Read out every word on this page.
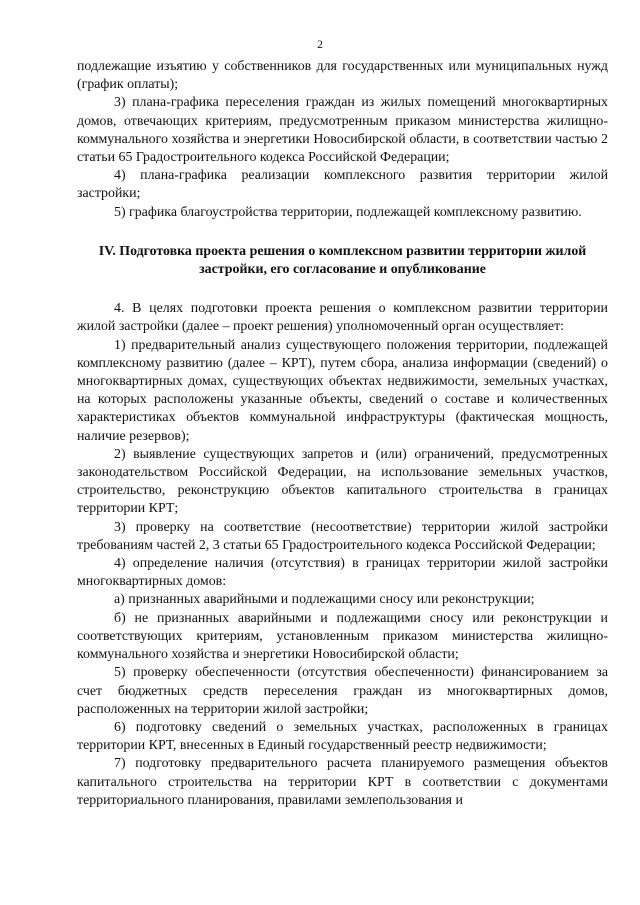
2

подлежащие изъятию у собственников для государственных или муниципальных нужд (график оплаты);

3) плана-графика переселения граждан из жилых помещений многоквартирных домов, отвечающих критериям, предусмотренным приказом министерства жилищно-коммунального хозяйства и энергетики Новосибирской области, в соответствии частью 2 статьи 65 Градостроительного кодекса Российской Федерации;

4) плана-графика реализации комплексного развития территории жилой застройки;

5) графика благоустройства территории, подлежащей комплексному развитию.

IV. Подготовка проекта решения о комплексном развитии территории жилой застройки, его согласование и опубликование

4. В целях подготовки проекта решения о комплексном развитии территории жилой застройки (далее – проект решения) уполномоченный орган осуществляет:

1) предварительный анализ существующего положения территории, подлежащей комплексному развитию (далее – КРТ), путем сбора, анализа информации (сведений) о многоквартирных домах, существующих объектах недвижимости, земельных участках, на которых расположены указанные объекты, сведений о составе и количественных характеристиках объектов коммунальной инфраструктуры (фактическая мощность, наличие резервов);

2) выявление существующих запретов и (или) ограничений, предусмотренных законодательством Российской Федерации, на использование земельных участков, строительство, реконструкцию объектов капитального строительства в границах территории КРТ;

3) проверку на соответствие (несоответствие) территории жилой застройки требованиям частей 2, 3 статьи 65 Градостроительного кодекса Российской Федерации;

4) определение наличия (отсутствия) в границах территории жилой застройки многоквартирных домов:

а) признанных аварийными и подлежащими сносу или реконструкции;

б) не признанных аварийными и подлежащими сносу или реконструкции и соответствующих критериям, установленным приказом министерства жилищно-коммунального хозяйства и энергетики Новосибирской области;

5) проверку обеспеченности (отсутствия обеспеченности) финансированием за счет бюджетных средств переселения граждан из многоквартирных домов, расположенных на территории жилой застройки;

6) подготовку сведений о земельных участках, расположенных в границах территории КРТ, внесенных в Единый государственный реестр недвижимости;

7) подготовку предварительного расчета планируемого размещения объектов капитального строительства на территории КРТ в соответствии с документами территориального планирования, правилами землепользования и
